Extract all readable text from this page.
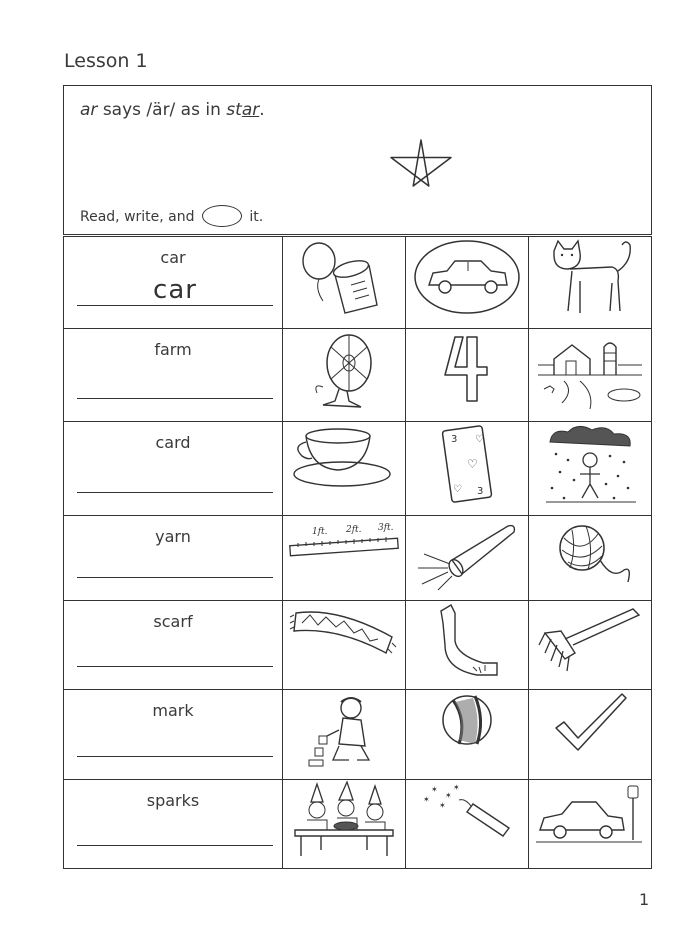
Lesson 1
ar says /är/ as in star.
Read, write, and	it.
car
car

farm

card		3
♡
♡
♡
3

yarn	1ft. 2ft. 3ft.

scarf

mark

sparks		✶
✶
✶
✶
✶

1
